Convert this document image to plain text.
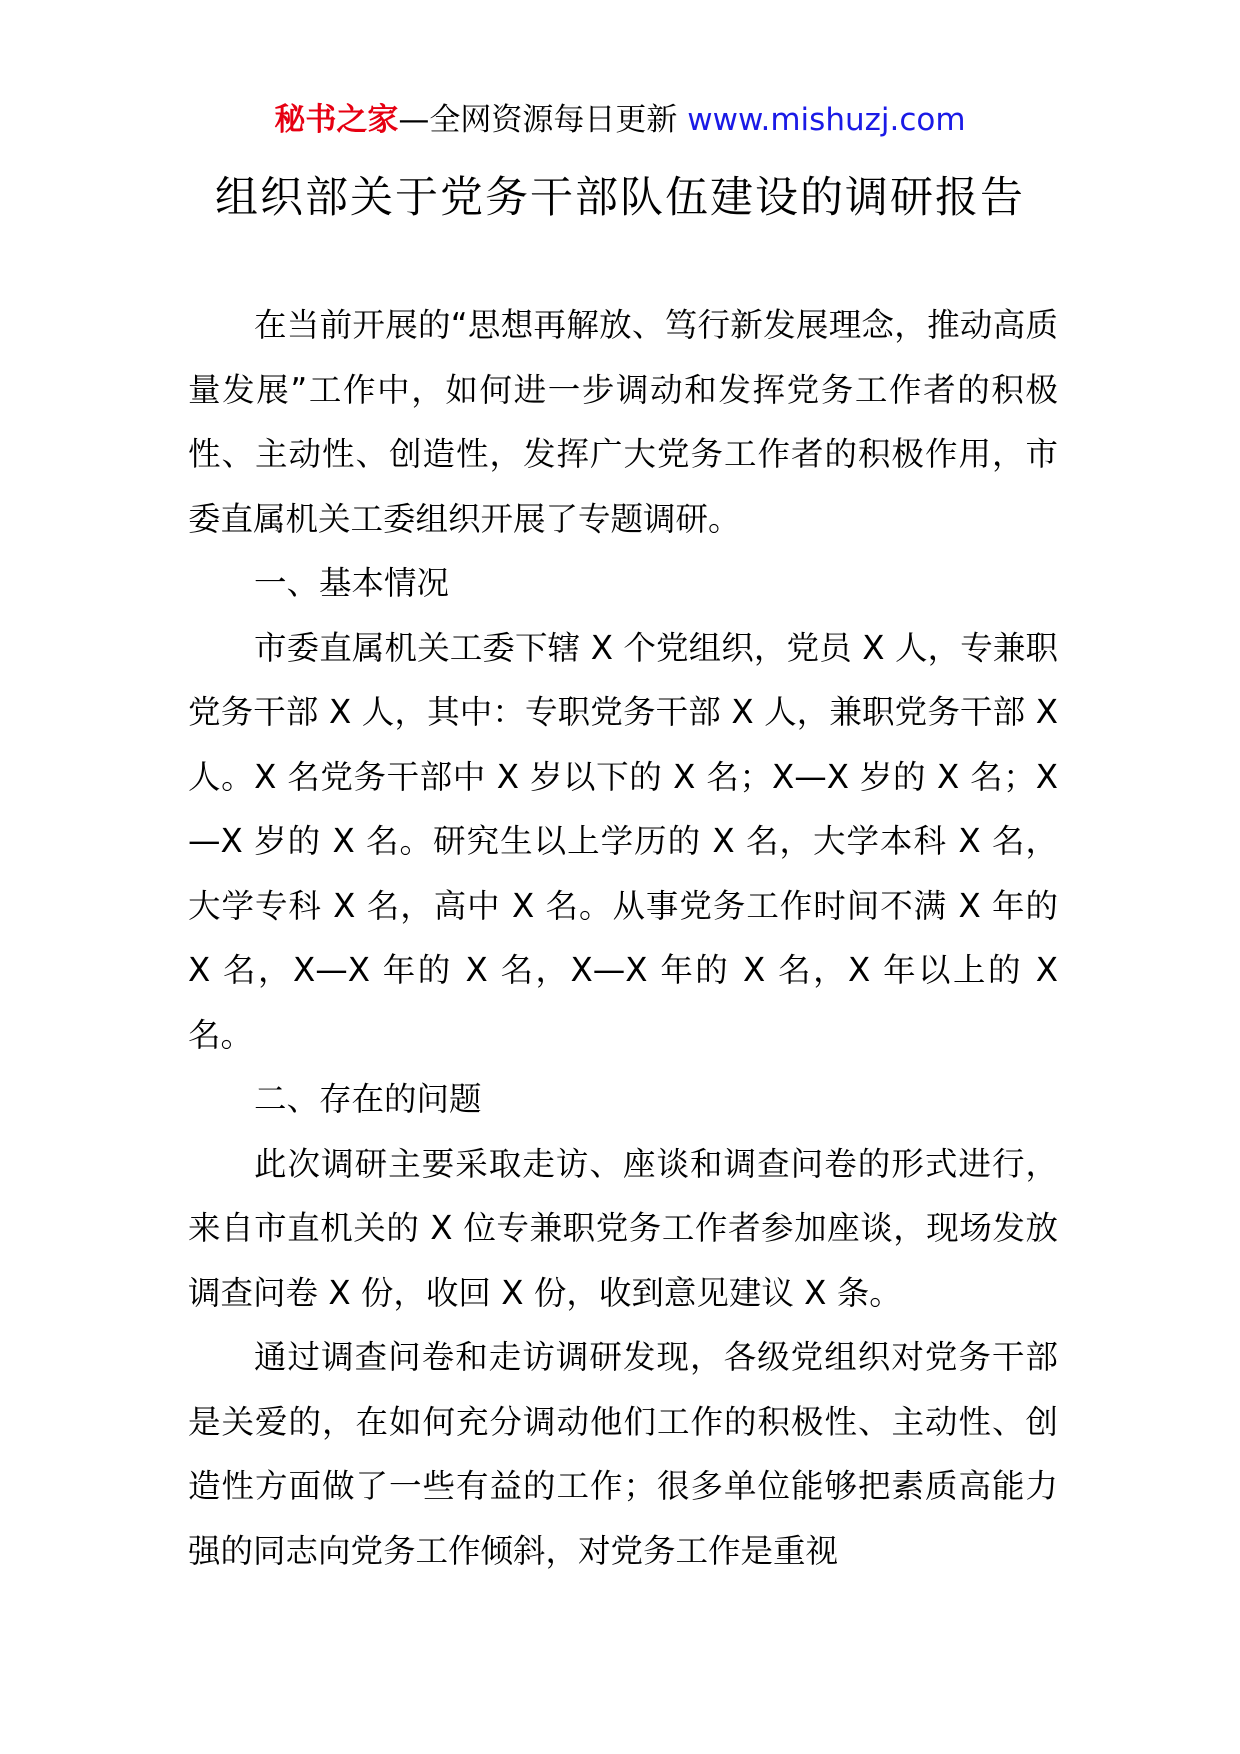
秘书之家—全网资源每日更新 www.mishuzj.com
组织部关于党务干部队伍建设的调研报告

在当前开展的“思想再解放、笃行新发展理念，推动高质量发展”工作中，如何进一步调动和发挥党务工作者的积极性、主动性、创造性，发挥广大党务工作者的积极作用，市委直属机关工委组织开展了专题调研。

一、基本情况

市委直属机关工委下辖 X 个党组织，党员 X 人，专兼职党务干部 X 人，其中：专职党务干部 X 人，兼职党务干部 X 人。X 名党务干部中 X 岁以下的 X 名；X—X 岁的 X 名；X—X 岁的 X 名。研究生以上学历的 X 名，大学本科 X 名，大学专科 X 名，高中 X 名。从事党务工作时间不满 X 年的 X 名，X—X 年的 X 名，X—X 年的 X 名，X 年以上的 X 名。

二、存在的问题

此次调研主要采取走访、座谈和调查问卷的形式进行，来自市直机关的 X 位专兼职党务工作者参加座谈，现场发放调查问卷 X 份，收回 X 份，收到意见建议 X 条。

通过调查问卷和走访调研发现，各级党组织对党务干部是关爱的，在如何充分调动他们工作的积极性、主动性、创造性方面做了一些有益的工作；很多单位能够把素质高能力强的同志向党务工作倾斜，对党务工作是重视
